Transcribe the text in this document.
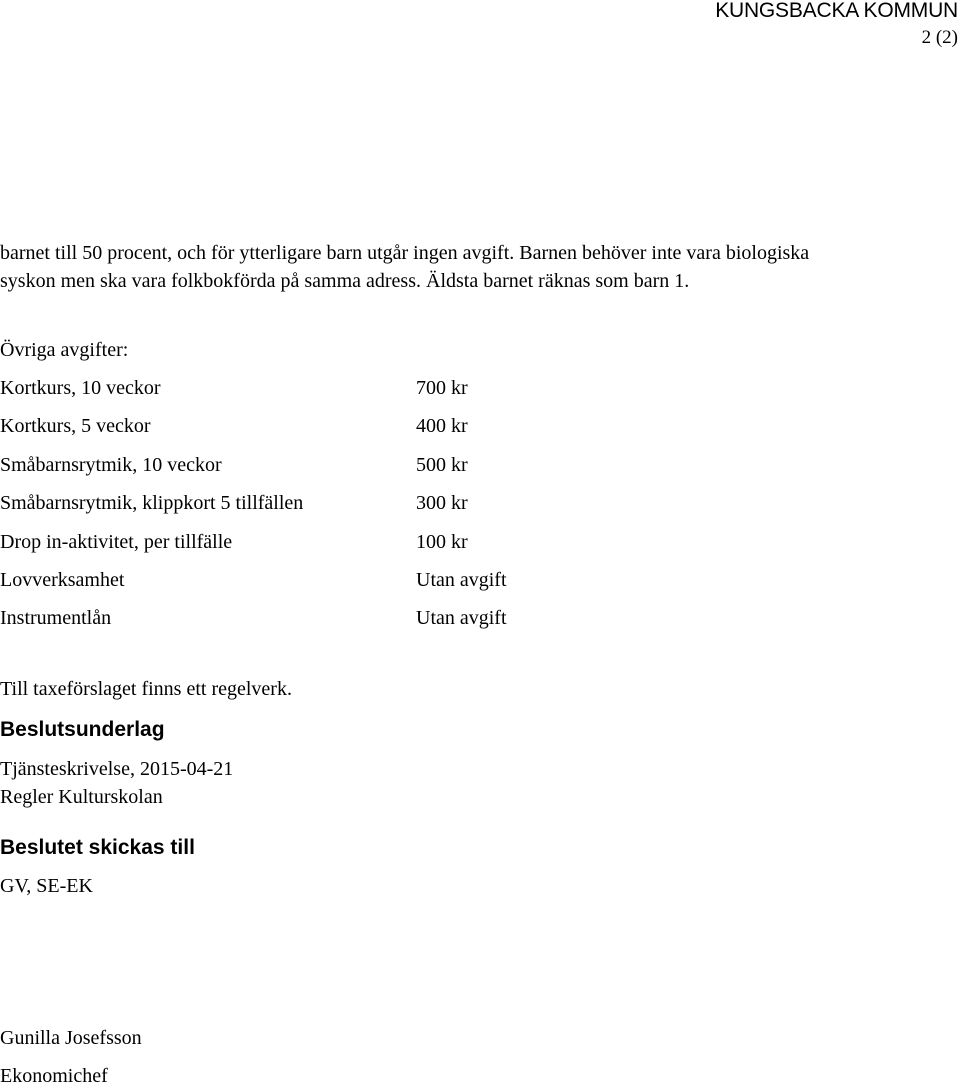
KUNGSBACKA KOMMUN
2 (2)
barnet till 50 procent, och för ytterligare barn utgår ingen avgift. Barnen behöver inte vara biologiska
syskon men ska vara folkbokförda på samma adress. Äldsta barnet räknas som barn 1.
Övriga avgifter:
Kortkurs, 10 veckor	700 kr
Kortkurs, 5 veckor	400 kr
Småbarnsrytmik, 10 veckor	500 kr
Småbarnsrytmik, klippkort 5 tillfällen	300 kr
Drop in-aktivitet, per tillfälle	100 kr
Lovverksamhet	Utan avgift
Instrumentlån	Utan avgift
Till taxeförslaget finns ett regelverk.
Beslutsunderlag
Tjänsteskrivelse, 2015-04-21
Regler Kulturskolan
Beslutet skickas till
GV, SE-EK
Gunilla Josefsson
Ekonomichef
